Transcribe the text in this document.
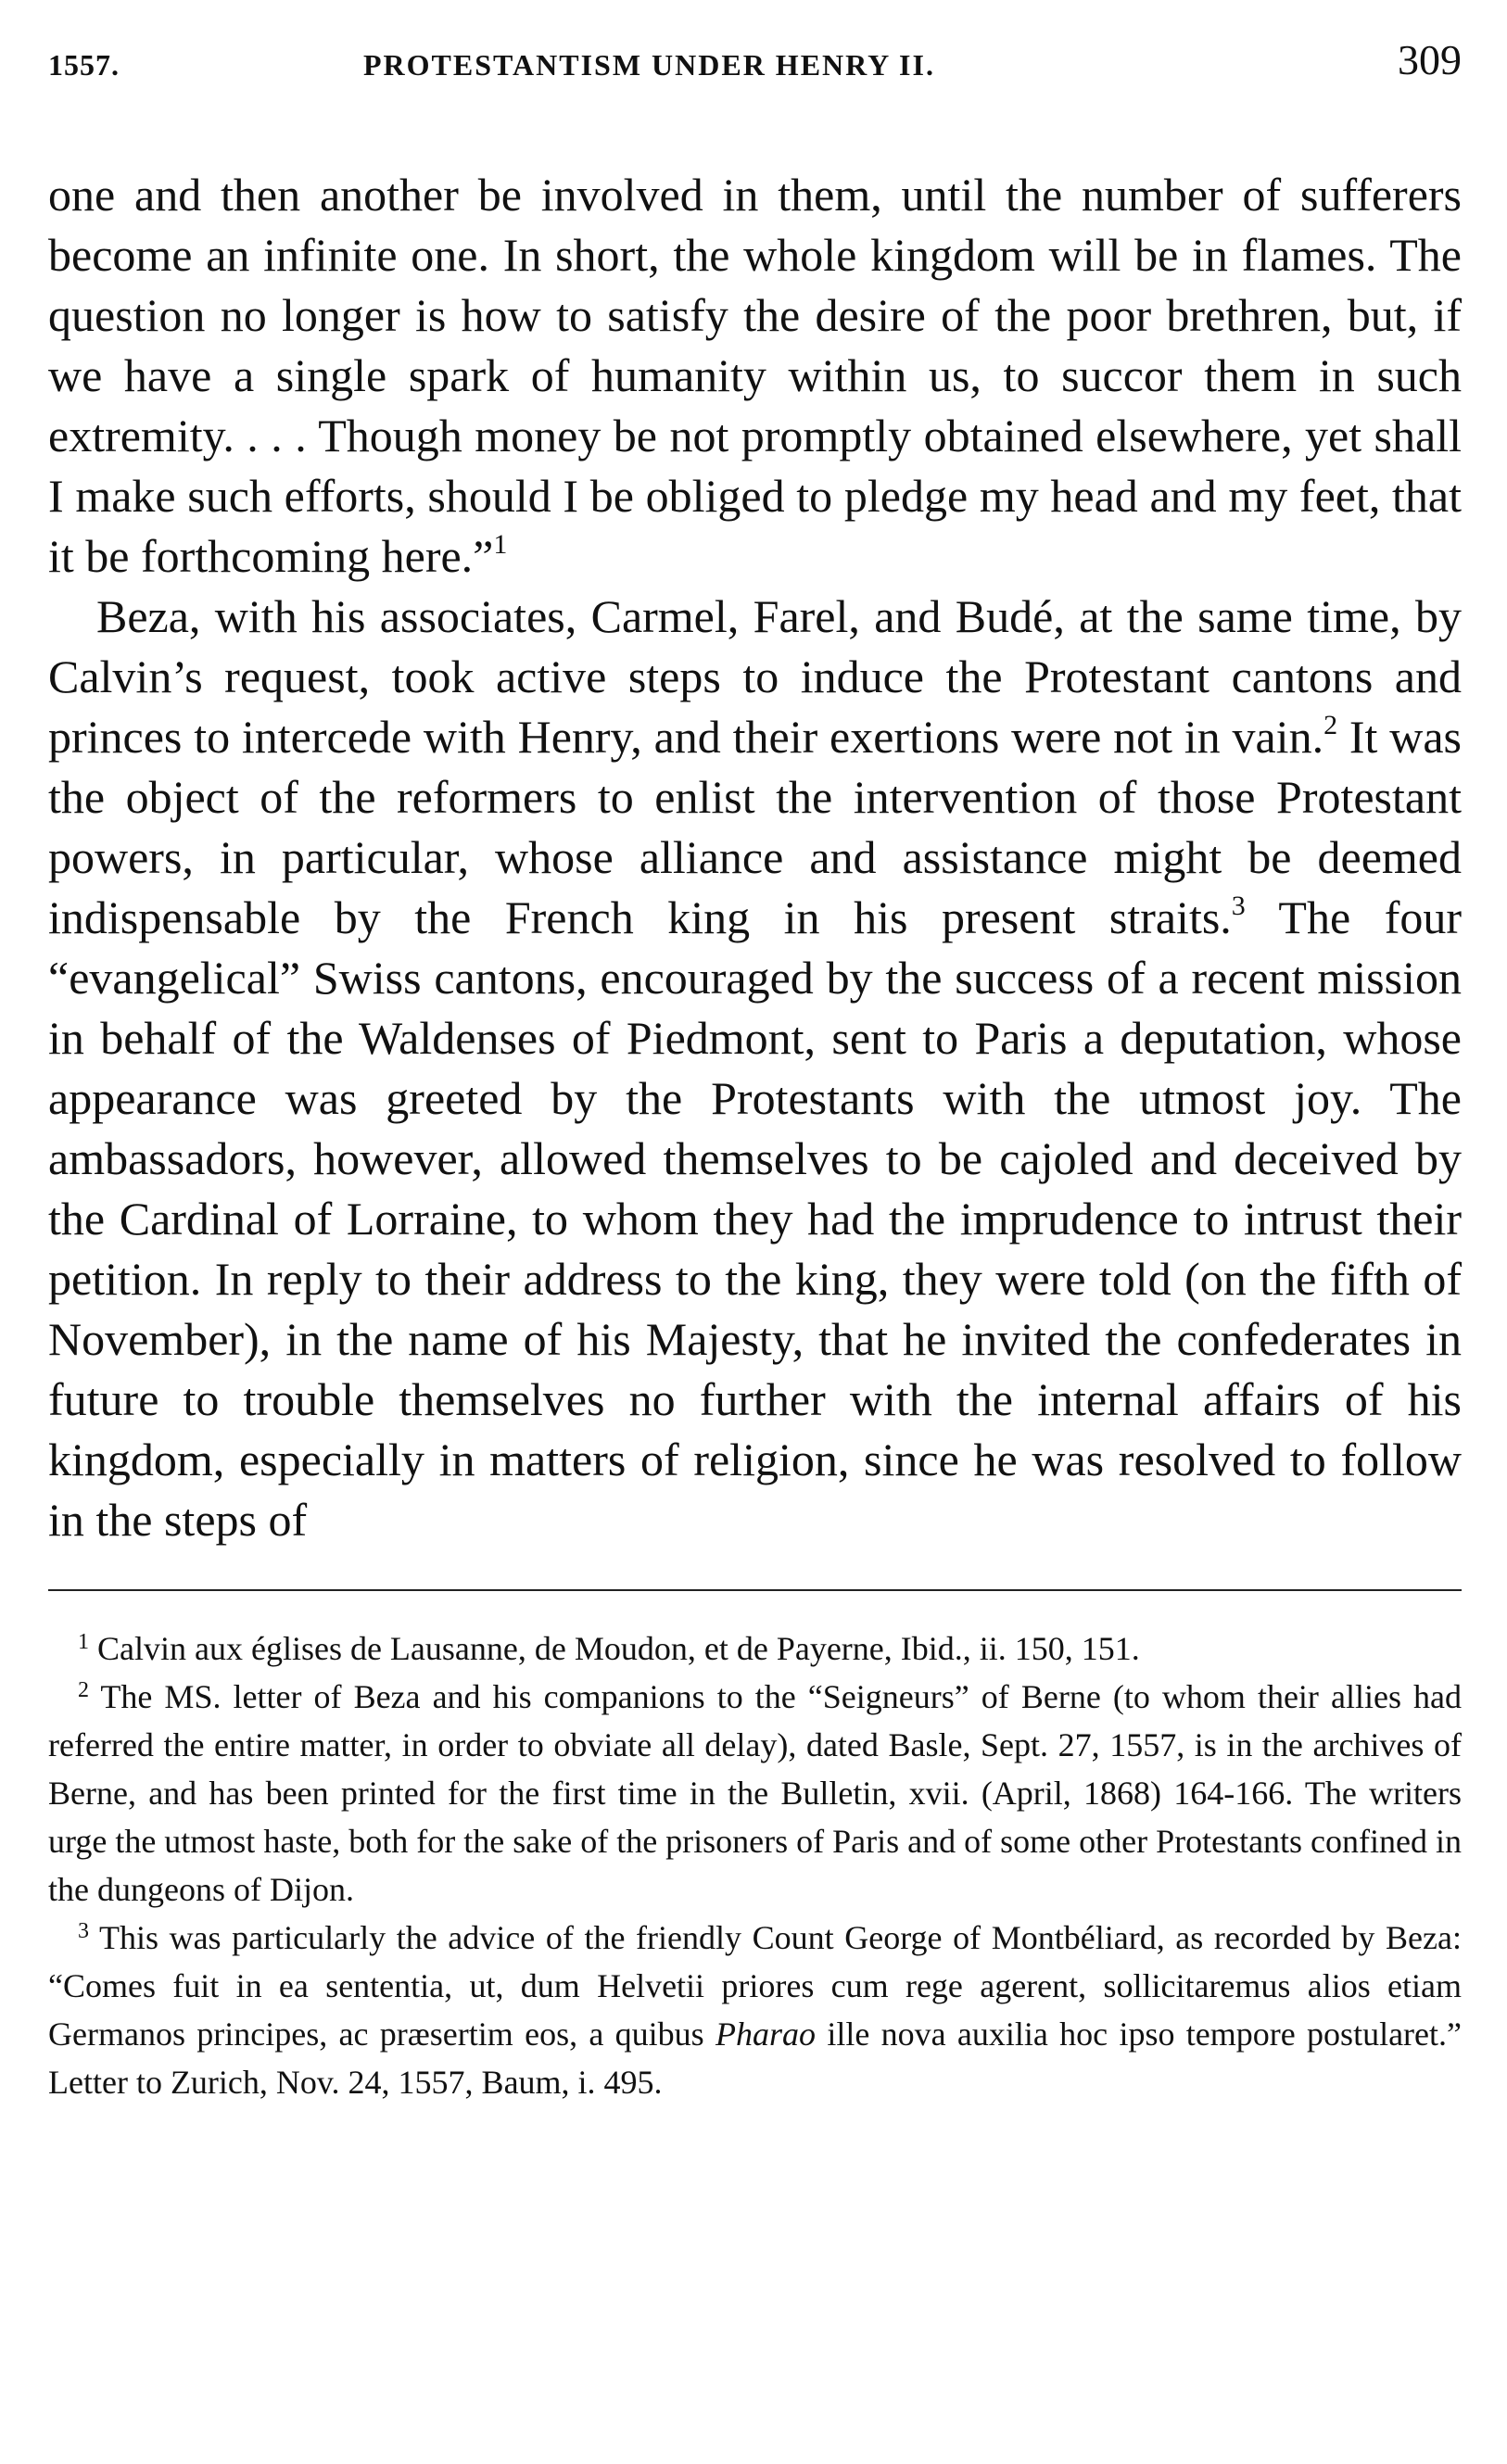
1557.	PROTESTANTISM UNDER HENRY II.	309

one and then another be involved in them, until the number of sufferers become an infinite one. In short, the whole kingdom will be in flames. The question no longer is how to satisfy the desire of the poor brethren, but, if we have a single spark of humanity within us, to succor them in such extremity. . . . Though money be not promptly obtained elsewhere, yet shall I make such efforts, should I be obliged to pledge my head and my feet, that it be forthcoming here.”$^1$

Beza, with his associates, Carmel, Farel, and Budé, at the same time, by Calvin’s request, took active steps to induce the Protestant cantons and princes to intercede with Henry, and their exertions were not in vain.$^2$ It was the object of the reformers to enlist the intervention of those Protestant powers, in particular, whose alliance and assistance might be deemed indispensable by the French king in his present straits.$^3$ The four “evangelical” Swiss cantons, encouraged by the success of a recent mission in behalf of the Waldenses of Piedmont, sent to Paris a deputation, whose appearance was greeted by the Protestants with the utmost joy. The ambassadors, however, allowed themselves to be cajoled and deceived by the Cardinal of Lorraine, to whom they had the imprudence to intrust their petition. In reply to their address to the king, they were told (on the fifth of November), in the name of his Majesty, that he invited the confederates in future to trouble themselves no further with the internal affairs of his kingdom, especially in matters of religion, since he was resolved to follow in the steps of

$^1$ Calvin aux églises de Lausanne, de Moudon, et de Payerne, Ibid., ii. 150, 151.

$^2$ The MS. letter of Beza and his companions to the “Seigneurs” of Berne (to whom their allies had referred the entire matter, in order to obviate all delay), dated Basle, Sept. 27, 1557, is in the archives of Berne, and has been printed for the first time in the Bulletin, xvii. (April, 1868) 164-166. The writers urge the utmost haste, both for the sake of the prisoners of Paris and of some other Protestants confined in the dungeons of Dijon.

$^3$ This was particularly the advice of the friendly Count George of Montbéliard, as recorded by Beza: “Comes fuit in ea sententia, ut, dum Helvetii priores cum rege agerent, sollicitaremus alios etiam Germanos principes, ac præsertim eos, a quibus Pharao ille nova auxilia hoc ipso tempore postularet.” Letter to Zurich, Nov. 24, 1557, Baum, i. 495.
